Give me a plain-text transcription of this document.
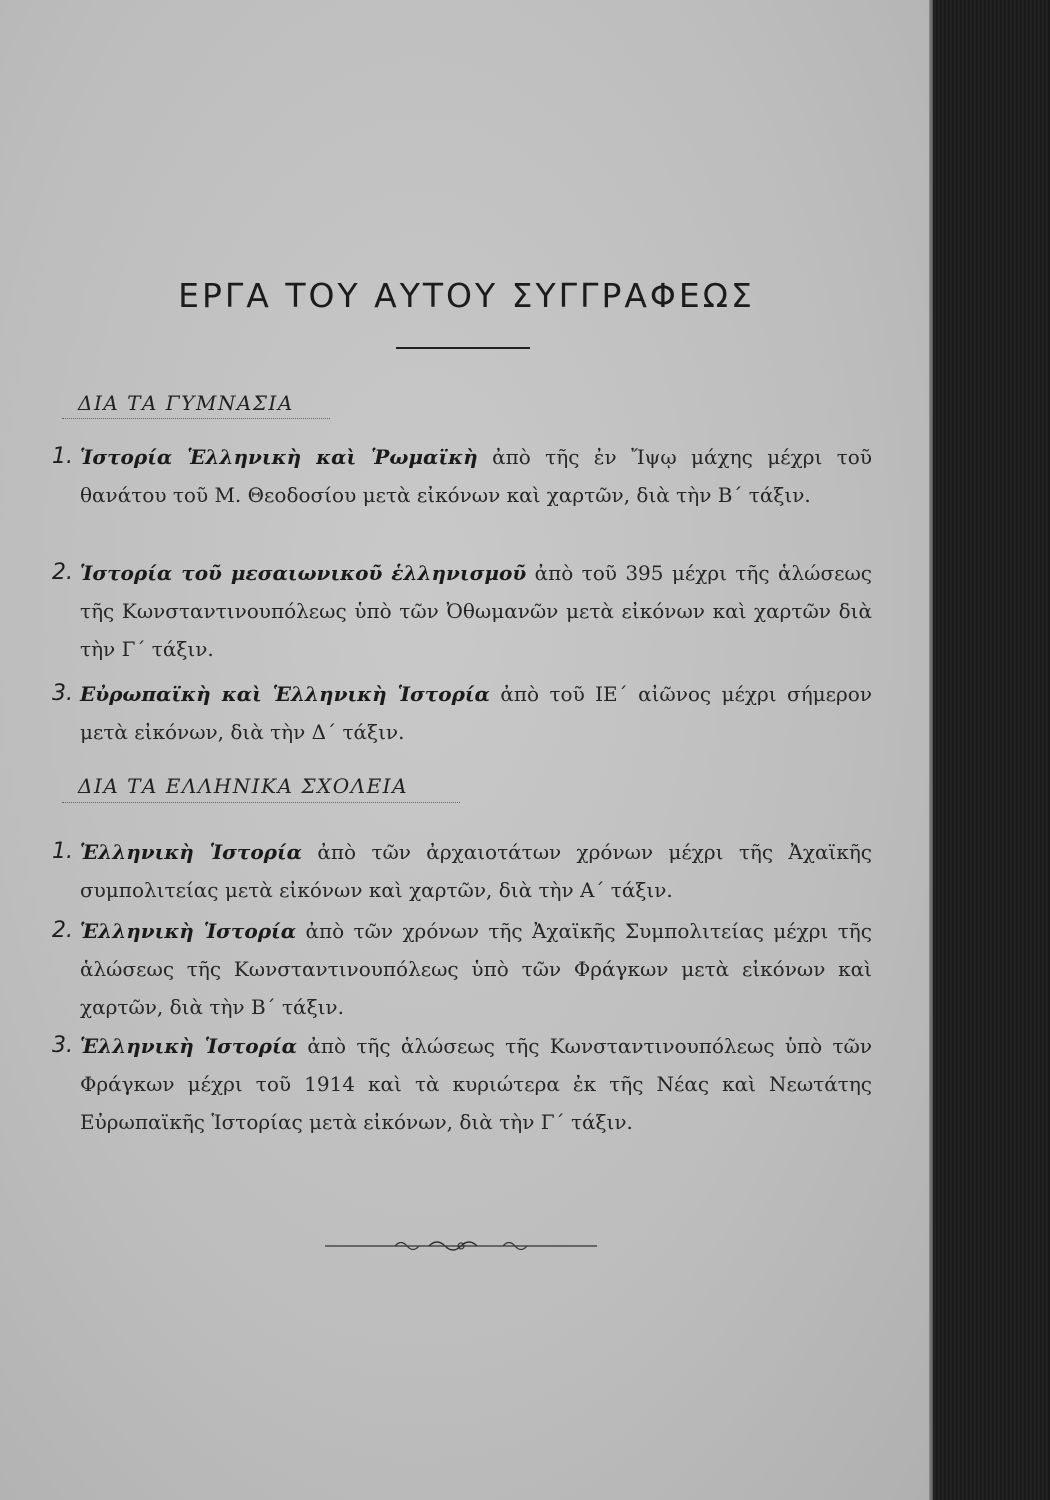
ΕΡΓΑ ΤΟΥ ΑΥΤΟΥ ΣΥΓΓΡΑΦΕΩΣ
ΔΙΑ ΤΑ ΓΥΜΝΑΣΙΑ
1. Ἱστορία Ἑλληνικὴ καὶ Ῥωμαϊκὴ ἀπὸ τῆς ἐν Ἴψῳ μάχης μέχρι τοῦ θανάτου τοῦ Μ. Θεοδοσίου μετὰ εἰκόνων καὶ χαρτῶν, διὰ τὴν Β΄ τάξιν.
2. Ἱστορία τοῦ μεσαιωνικοῦ ἑλληνισμοῦ ἀπὸ τοῦ 395 μέχρι τῆς ἁλώσεως τῆς Κωνσταντινουπόλεως ὑπὸ τῶν Ὀθωμανῶν μετὰ εἰκόνων καὶ χαρτῶν διὰ τὴν Γ΄ τάξιν.
3. Εὐρωπαϊκὴ καὶ Ἑλληνικὴ Ἱστορία ἀπὸ τοῦ ΙΕ΄ αἰῶνος μέχρι σήμερον μετὰ εἰκόνων, διὰ τὴν Δ΄ τάξιν.
ΔΙΑ ΤΑ ΕΛΛΗΝΙΚΑ ΣΧΟΛΕΙΑ
1. Ἑλληνικὴ Ἱστορία ἀπὸ τῶν ἀρχαιοτάτων χρόνων μέχρι τῆς Ἀχαϊκῆς συμπολιτείας μετὰ εἰκόνων καὶ χαρτῶν, διὰ τὴν Α΄ τάξιν.
2. Ἑλληνικὴ Ἱστορία ἀπὸ τῶν χρόνων τῆς Ἀχαϊκῆς Συμπολιτείας μέχρι τῆς ἁλώσεως τῆς Κωνσταντινουπόλεως ὑπὸ τῶν Φράγκων μετὰ εἰκόνων καὶ χαρτῶν, διὰ τὴν Β΄ τάξιν.
3. Ἑλληνικὴ Ἱστορία ἀπὸ τῆς ἁλώσεως τῆς Κωνσταντινουπόλεως ὑπὸ τῶν Φράγκων μέχρι τοῦ 1914 καὶ τὰ κυριώτερα ἐκ τῆς Νέας καὶ Νεωτάτης Εὐρωπαϊκῆς Ἱστορίας μετὰ εἰκόνων, διὰ τὴν Γ΄ τάξιν.
